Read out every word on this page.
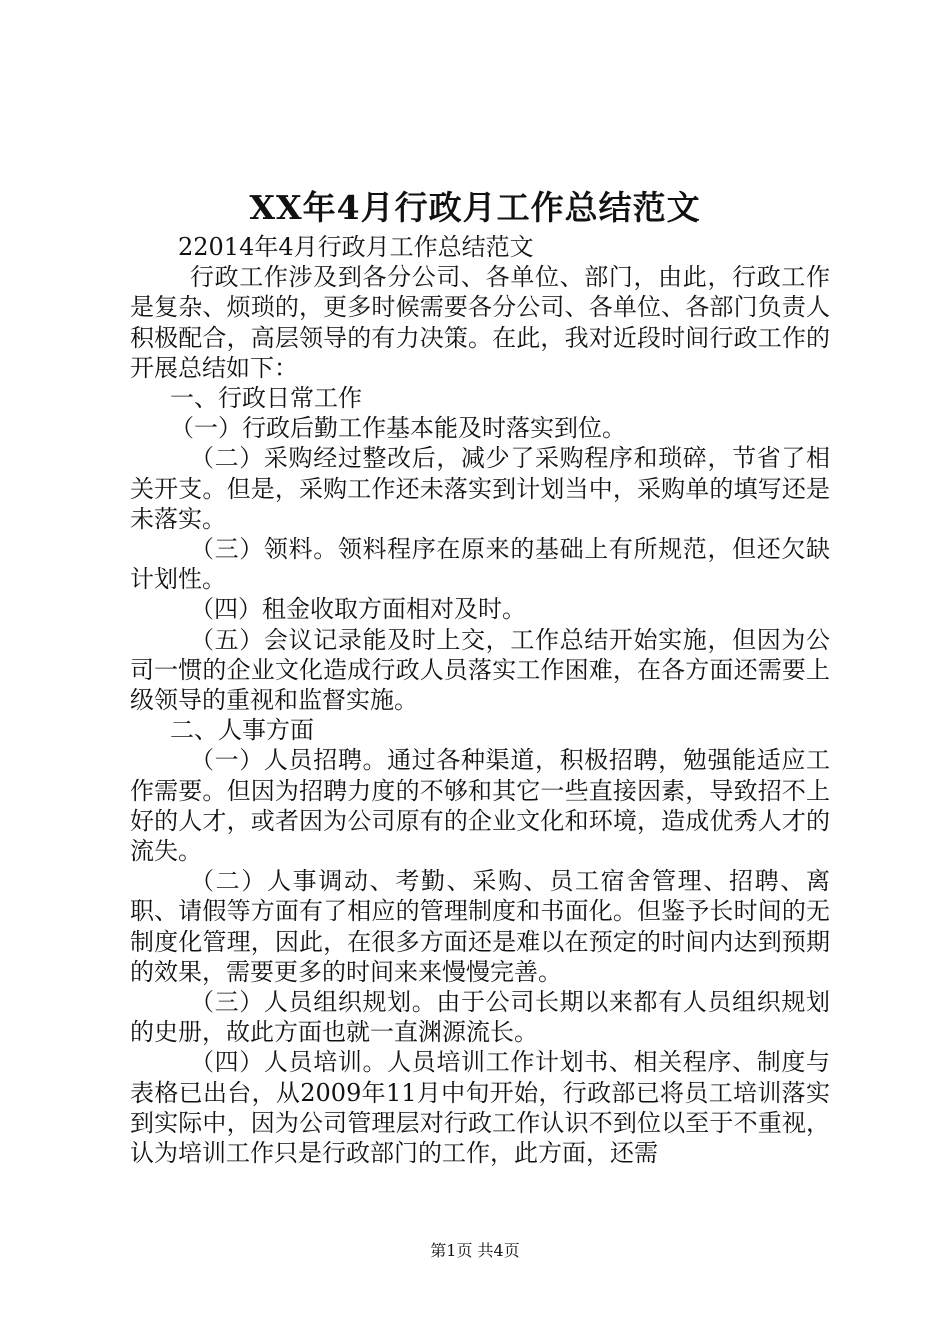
XX年4月行政月工作总结范文

22014年4月行政月工作总结范文

行政工作涉及到各分公司、各单位、部门，由此，行政工作是复杂、烦琐的，更多时候需要各分公司、各单位、各部门负责人积极配合，高层领导的有力决策。在此，我对近段时间行政工作的开展总结如下：

一、行政日常工作

（一）行政后勤工作基本能及时落实到位。

（二）采购经过整改后，减少了采购程序和琐碎，节省了相关开支。但是，采购工作还未落实到计划当中，采购单的填写还是未落实。

（三）领料。领料程序在原来的基础上有所规范，但还欠缺计划性。

（四）租金收取方面相对及时。

（五）会议记录能及时上交，工作总结开始实施，但因为公司一惯的企业文化造成行政人员落实工作困难，在各方面还需要上级领导的重视和监督实施。

二、人事方面

（一）人员招聘。通过各种渠道，积极招聘，勉强能适应工作需要。但因为招聘力度的不够和其它一些直接因素，导致招不上好的人才，或者因为公司原有的企业文化和环境，造成优秀人才的流失。

（二）人事调动、考勤、采购、员工宿舍管理、招聘、离职、请假等方面有了相应的管理制度和书面化。但鉴予长时间的无制度化管理，因此，在很多方面还是难以在预定的时间内达到预期的效果，需要更多的时间来来慢慢完善。

（三）人员组织规划。由于公司长期以来都有人员组织规划的史册，故此方面也就一直渊源流长。

（四）人员培训。人员培训工作计划书、相关程序、制度与表格已出台，从2009年11月中旬开始，行政部已将员工培训落实到实际中，因为公司管理层对行政工作认识不到位以至于不重视，认为培训工作只是行政部门的工作，此方面，还需

第1页 共4页
